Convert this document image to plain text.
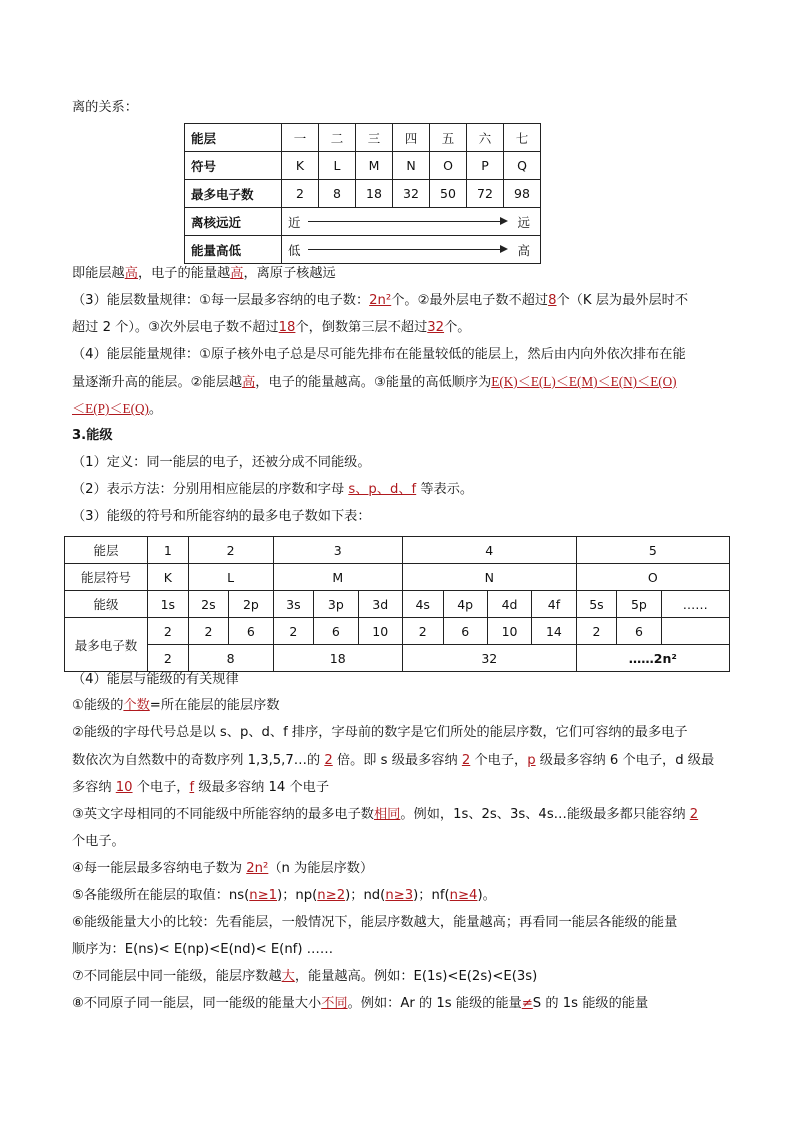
离的关系：
能层	一	二	三	四	五	六	七
符号	K	L	M	N	O	P	Q
最多电子数	2	8	18	32	50	72	98
离核远近	近 远						

能量高低	低 高						
即能层越高，电子的能量越高，离原子核越远
（3）能层数量规律：①每一层最多容纳的电子数：2n²个。②最外层电子数不超过8个（K 层为最外层时不
超过 2 个）。③次外层电子数不超过18个，倒数第三层不超过32个。
（4）能层能量规律：①原子核外电子总是尽可能先排布在能量较低的能层上，然后由内向外依次排布在能
量逐渐升高的能层。②能层越高，电子的能量越高。③能量的高低顺序为E(K)＜E(L)＜E(M)＜E(N)＜E(O)
＜E(P)＜E(Q)。
3.能级
（1）定义：同一能层的电子，还被分成不同能级。
（2）表示方法：分别用相应能层的序数和字母 s、p、d、f 等表示。
（3）能级的符号和所能容纳的最多电子数如下表：
能层	1	2		3			4				5		
能层符号	K	L		M			N				O		
能级	1s	2s	2p	3s	3p	3d	4s	4p	4d	4f	5s	5p	……
最多电子数	2	2	6	2	6	10	2	6	10	14	2	6	
	2	8		18			32				……2n²		
（4）能层与能级的有关规律
①能级的个数=所在能层的能层序数
②能级的字母代号总是以 s、p、d、f 排序，字母前的数字是它们所处的能层序数，它们可容纳的最多电子
数依次为自然数中的奇数序列 1,3,5,7…的 2 倍。即 s 级最多容纳 2 个电子，p 级最多容纳 6 个电子，d 级最
多容纳 10 个电子，f 级最多容纳 14 个电子
③英文字母相同的不同能级中所能容纳的最多电子数相同。例如，1s、2s、3s、4s…能级最多都只能容纳 2
个电子。
④每一能层最多容纳电子数为 2n²（n 为能层序数）
⑤各能级所在能层的取值：ns(n≥1)；np(n≥2)；nd(n≥3)；nf(n≥4)。
⑥能级能量大小的比较：先看能层，一般情况下，能层序数越大，能量越高；再看同一能层各能级的能量
顺序为：E(ns)< E(np)<E(nd)< E(nf) ……
⑦不同能层中同一能级，能层序数越大，能量越高。例如：E(1s)<E(2s)<E(3s)
⑧不同原子同一能层，同一能级的能量大小不同。例如：Ar 的 1s 能级的能量≠S 的 1s 能级的能量
